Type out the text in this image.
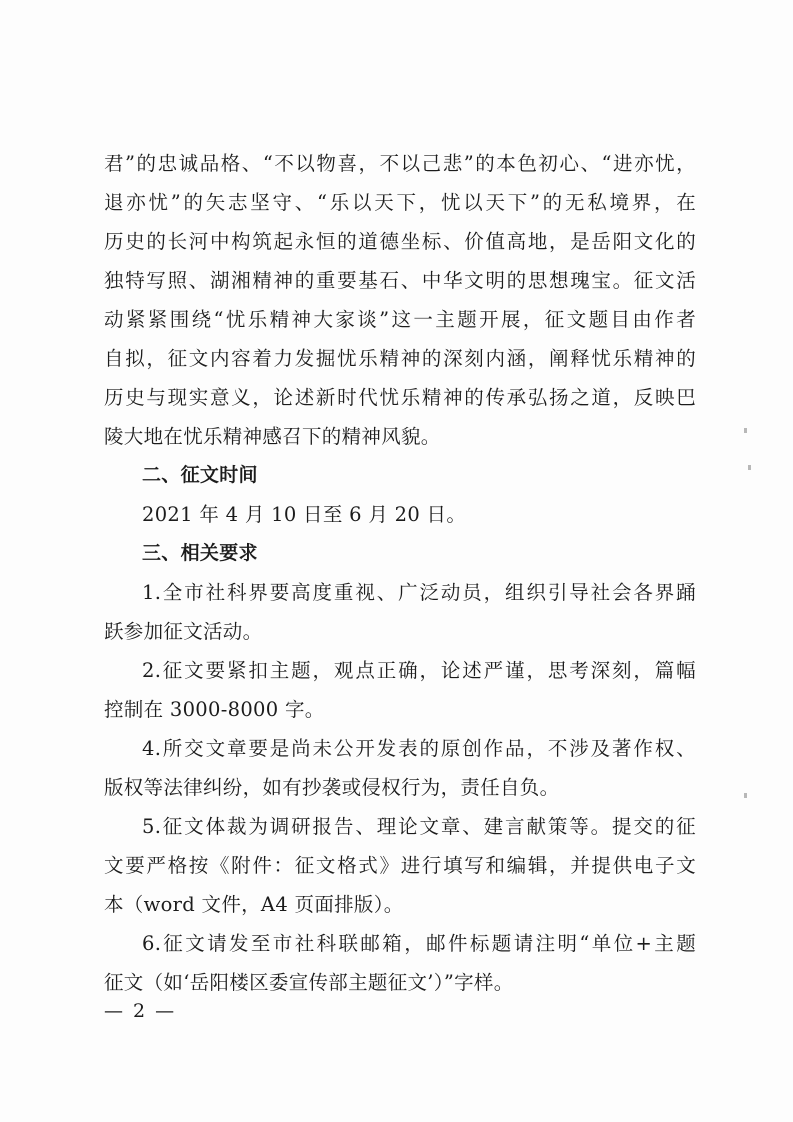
君”的忠诚品格、“不以物喜，不以己悲”的本色初心、“进亦忧，
退亦忧”的矢志坚守、“乐以天下，忧以天下”的无私境界，在
历史的长河中构筑起永恒的道德坐标、价值高地，是岳阳文化的
独特写照、湖湘精神的重要基石、中华文明的思想瑰宝。征文活
动紧紧围绕“忧乐精神大家谈”这一主题开展，征文题目由作者
自拟，征文内容着力发掘忧乐精神的深刻内涵，阐释忧乐精神的
历史与现实意义，论述新时代忧乐精神的传承弘扬之道，反映巴
陵大地在忧乐精神感召下的精神风貌。
二、征文时间
2021 年 4 月 10 日至 6 月 20 日。
三、相关要求
1.全市社科界要高度重视、广泛动员，组织引导社会各界踊
跃参加征文活动。
2.征文要紧扣主题，观点正确，论述严谨，思考深刻，篇幅
控制在 3000-8000 字。
4.所交文章要是尚未公开发表的原创作品，不涉及著作权、
版权等法律纠纷，如有抄袭或侵权行为，责任自负。
5.征文体裁为调研报告、理论文章、建言献策等。提交的征
文要严格按《附件：征文格式》进行填写和编辑，并提供电子文
本（word 文件，A4 页面排版）。
6.征文请发至市社科联邮箱，邮件标题请注明“单位+主题
征文（如‘岳阳楼区委宣传部主题征文’）”字样。
— 2 —
